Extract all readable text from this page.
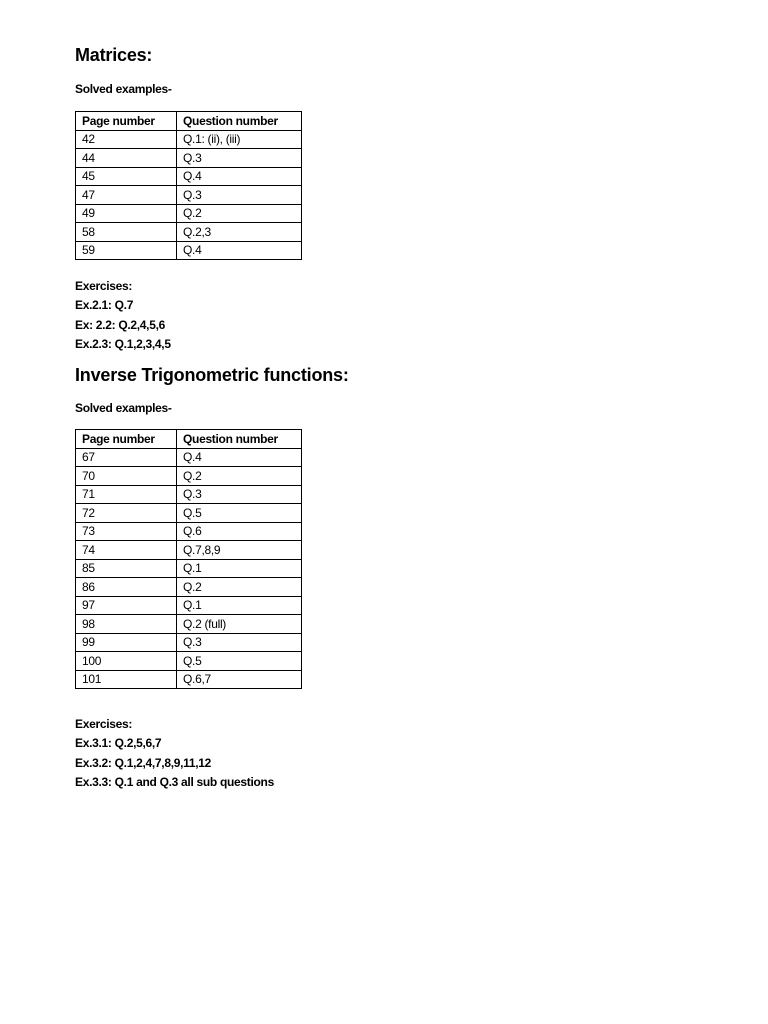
Matrices:

Solved examples-

Page number	Question number
42	Q.1: (ii), (iii)
44	Q.3
45	Q.4
47	Q.3
49	Q.2
58	Q.2,3
59	Q.4
Exercises:
Ex.2.1: Q.7
Ex: 2.2: Q.2,4,5,6
Ex.2.3: Q.1,2,3,4,5
Inverse Trigonometric functions:

Solved examples-

Page number	Question number
67	Q.4
70	Q.2
71	Q.3
72	Q.5
73	Q.6
74	Q.7,8,9
85	Q.1
86	Q.2
97	Q.1
98	Q.2 (full)
99	Q.3
100	Q.5
101	Q.6,7
Exercises:
Ex.3.1: Q.2,5,6,7
Ex.3.2: Q.1,2,4,7,8,9,11,12
Ex.3.3: Q.1 and Q.3 all sub questions
